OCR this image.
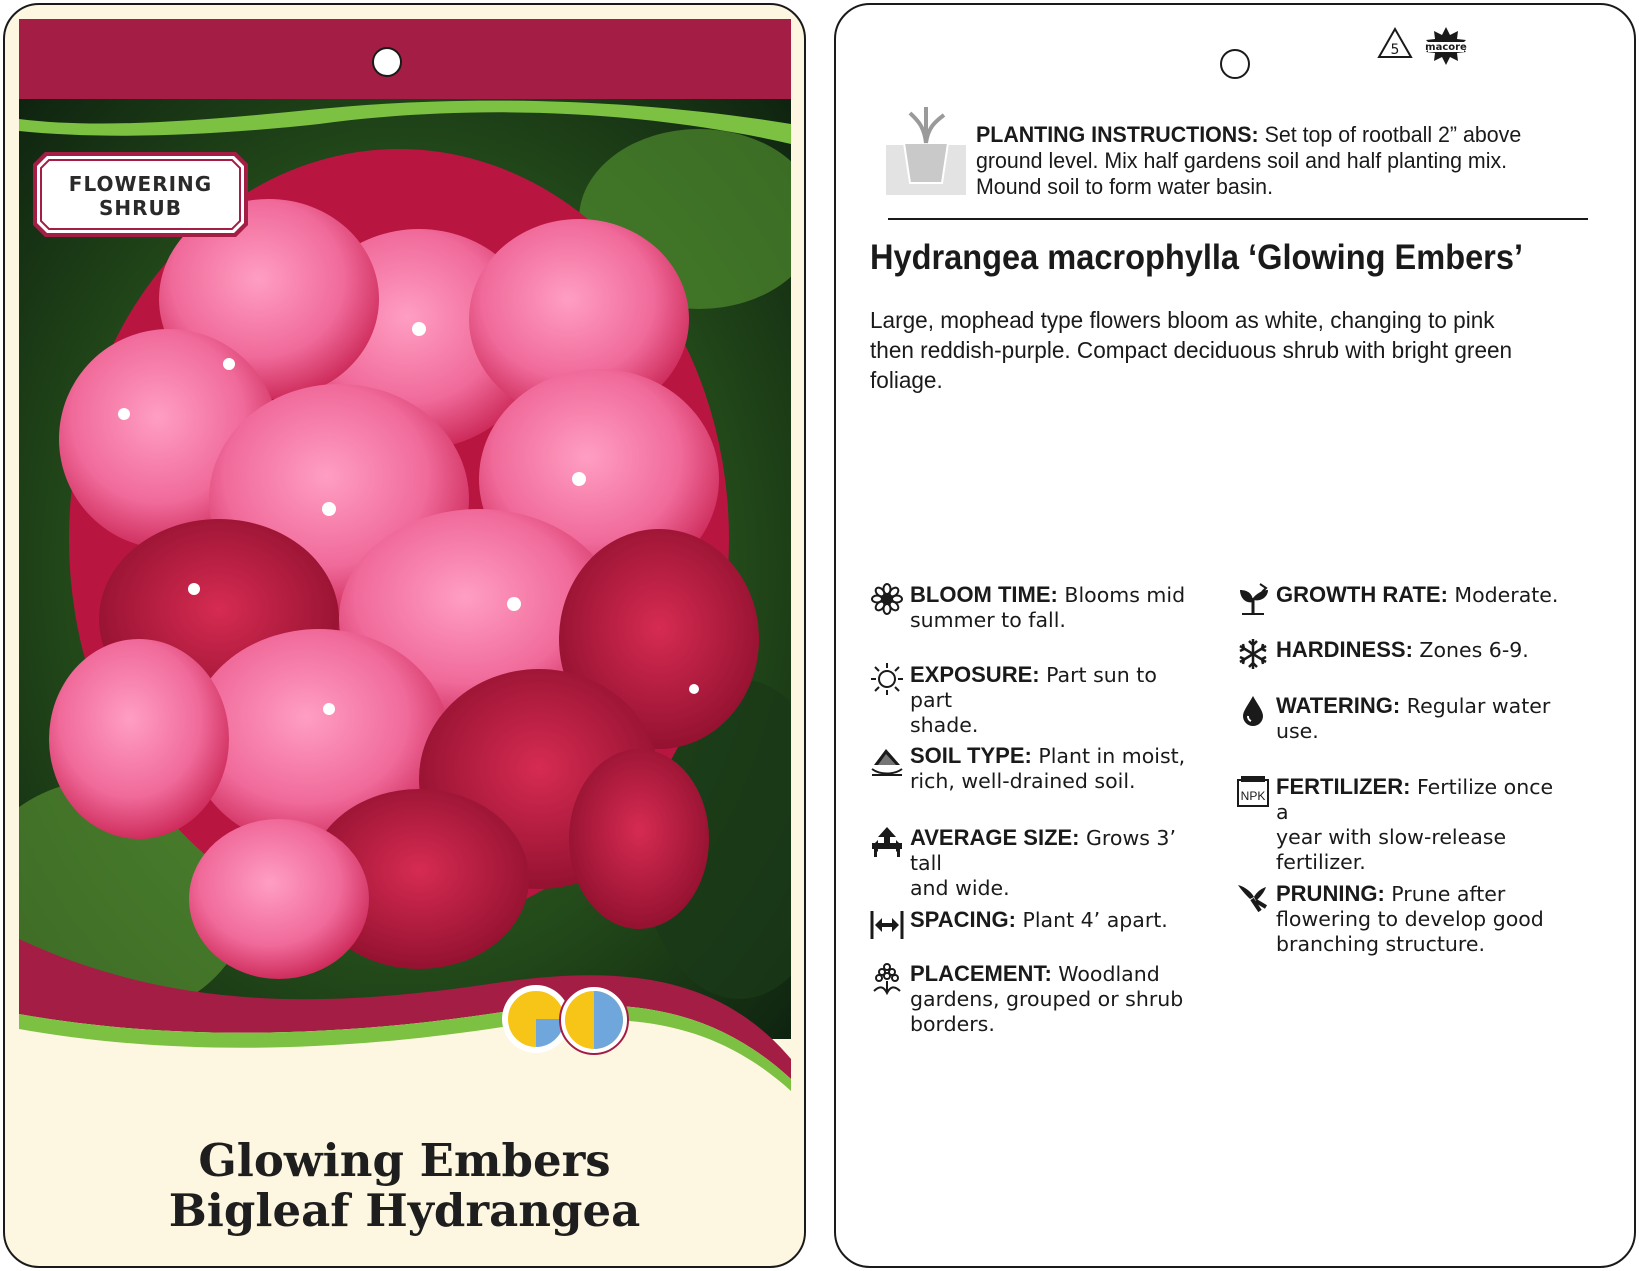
FLOWERING
SHRUB
Glowing Embers
Bigleaf Hydrangea
5	macore
PLANTING INSTRUCTIONS: Set top of rootball 2” above
ground level. Mix half gardens soil and half planting mix.
Mound soil to form water basin.
Hydrangea macrophylla ‘Glowing Embers’
Large, mophead type flowers bloom as white, changing to pink
then reddish-purple. Compact deciduous shrub with bright green
foliage.
BLOOM TIME: Blooms mid
summer to fall.
EXPOSURE: Part sun to part
shade.
SOIL TYPE: Plant in moist,
rich, well-drained soil.
AVERAGE SIZE: Grows 3’ tall
and wide.
SPACING: Plant 4’ apart.
PLACEMENT: Woodland
gardens, grouped or shrub
borders.
GROWTH RATE: Moderate.
HARDINESS: Zones 6-9.
WATERING: Regular water
use.
NPK FERTILIZER: Fertilize once a
year with slow-release
fertilizer.
PRUNING: Prune after
flowering to develop good
branching structure.
